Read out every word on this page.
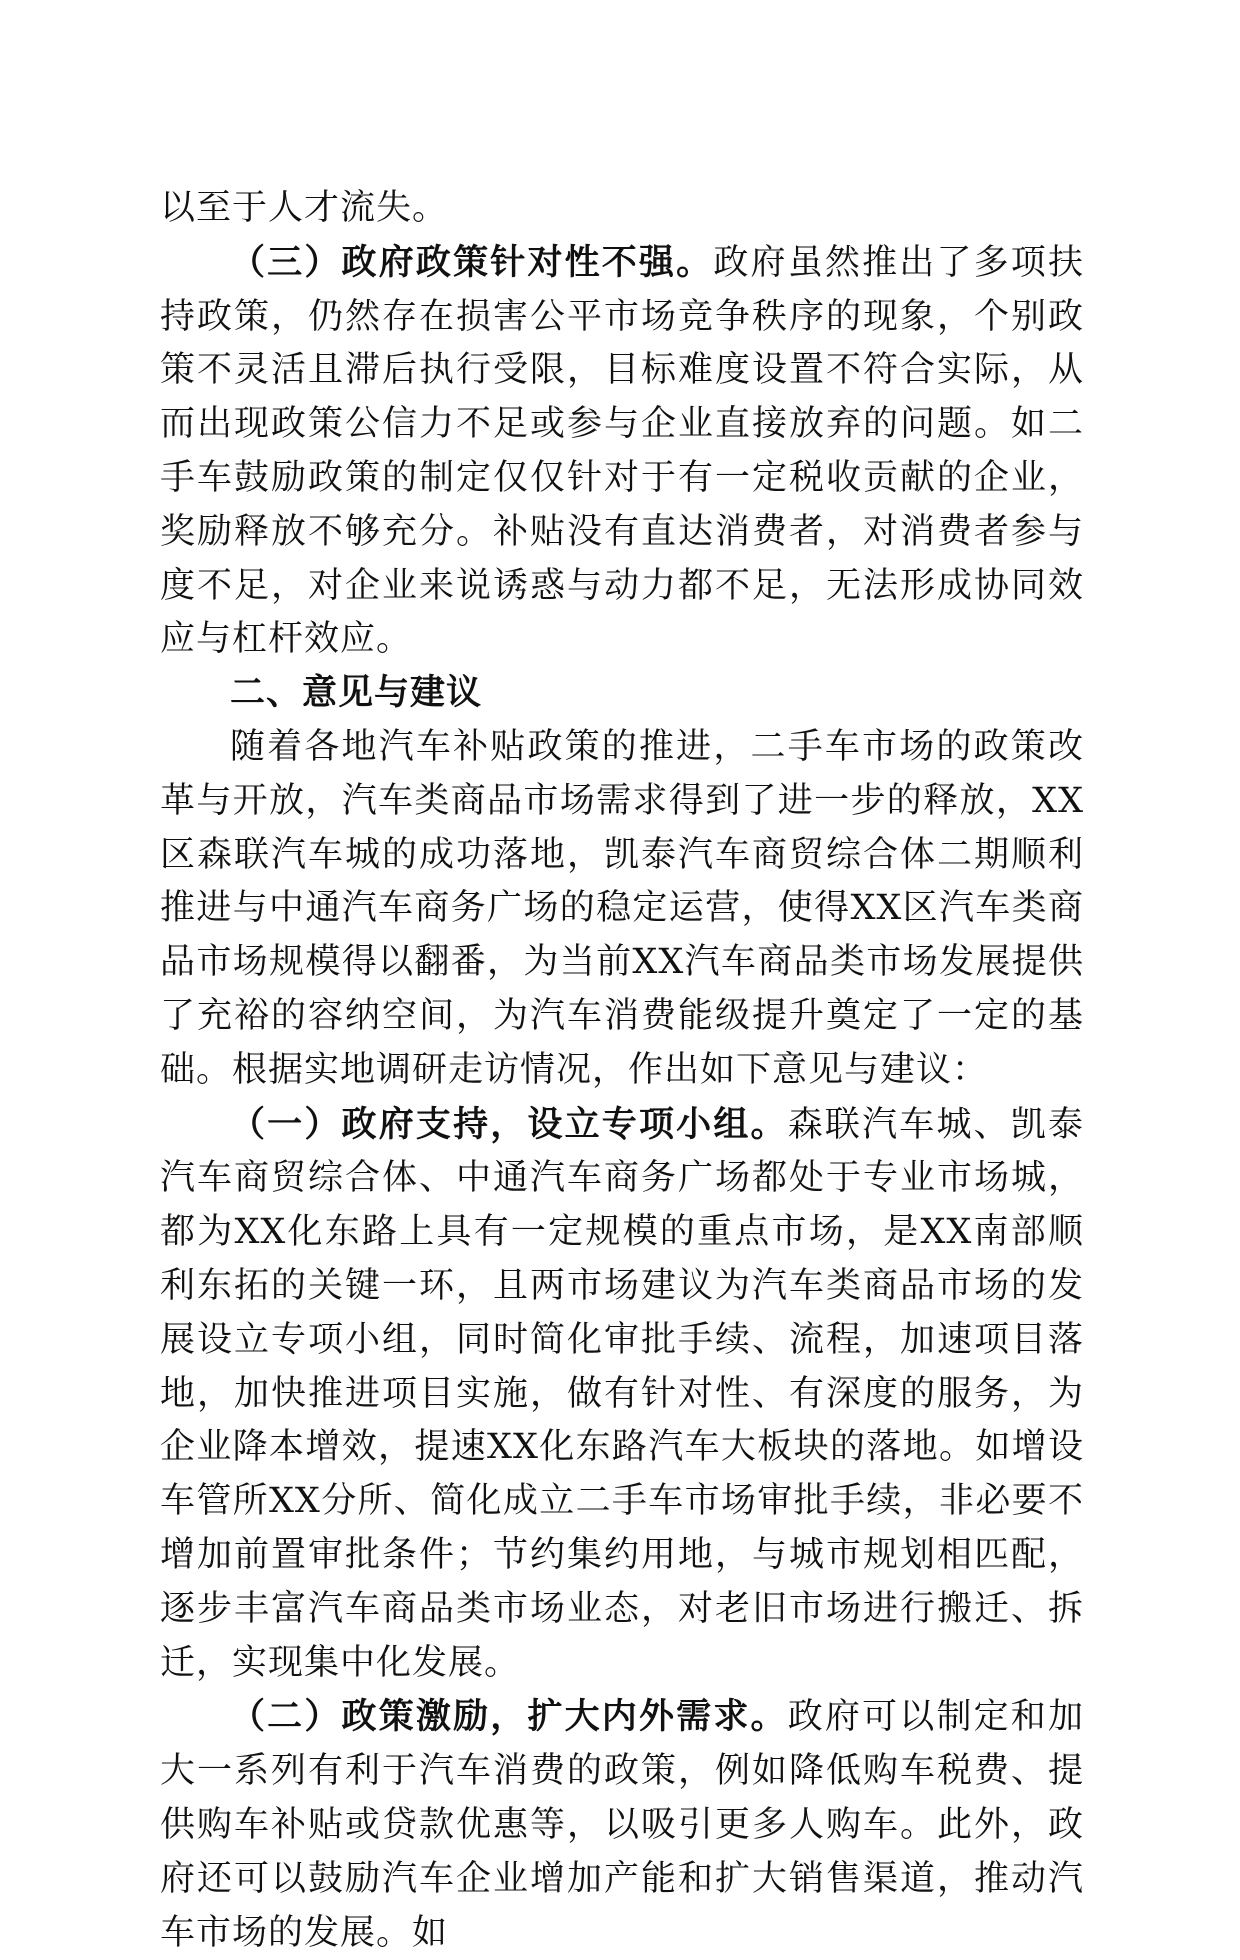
以至于人才流失。

（三）政府政策针对性不强。政府虽然推出了多项扶持政策，仍然存在损害公平市场竞争秩序的现象，个别政策不灵活且滞后执行受限，目标难度设置不符合实际，从而出现政策公信力不足或参与企业直接放弃的问题。如二手车鼓励政策的制定仅仅针对于有一定税收贡献的企业，奖励释放不够充分。补贴没有直达消费者，对消费者参与度不足，对企业来说诱惑与动力都不足，无法形成协同效应与杠杆效应。

二、意见与建议

随着各地汽车补贴政策的推进，二手车市场的政策改革与开放，汽车类商品市场需求得到了进一步的释放，XX区森联汽车城的成功落地，凯泰汽车商贸综合体二期顺利推进与中通汽车商务广场的稳定运营，使得XX区汽车类商品市场规模得以翻番，为当前XX汽车商品类市场发展提供了充裕的容纳空间，为汽车消费能级提升奠定了一定的基础。根据实地调研走访情况，作出如下意见与建议：

（一）政府支持，设立专项小组。森联汽车城、凯泰汽车商贸综合体、中通汽车商务广场都处于专业市场城，都为XX化东路上具有一定规模的重点市场，是XX南部顺利东拓的关键一环，且两市场建议为汽车类商品市场的发展设立专项小组，同时简化审批手续、流程，加速项目落地，加快推进项目实施，做有针对性、有深度的服务，为企业降本增效，提速XX化东路汽车大板块的落地。如增设车管所XX分所、简化成立二手车市场审批手续，非必要不增加前置审批条件；节约集约用地，与城市规划相匹配，逐步丰富汽车商品类市场业态，对老旧市场进行搬迁、拆迁，实现集中化发展。

（二）政策激励，扩大内外需求。政府可以制定和加大一系列有利于汽车消费的政策，例如降低购车税费、提供购车补贴或贷款优惠等，以吸引更多人购车。此外，政府还可以鼓励汽车企业增加产能和扩大销售渠道，推动汽车市场的发展。如
